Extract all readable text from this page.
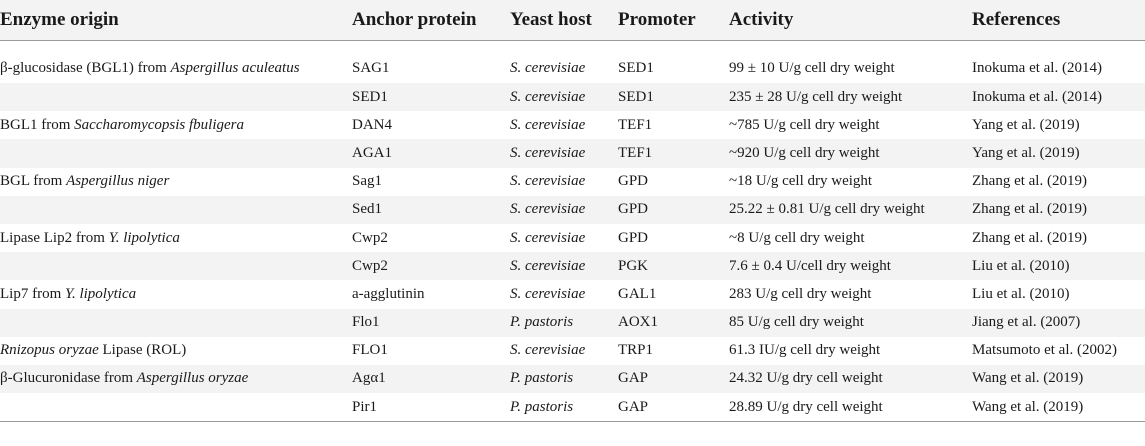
Enzyme origin	Anchor protein	Yeast host	Promoter	Activity	References
β-glucosidase (BGL1) from Aspergillus aculeatus	SAG1	S. cerevisiae	SED1	99 ± 10 U/g cell dry weight	Inokuma et al. (2014)
	SED1	S. cerevisiae	SED1	235 ± 28 U/g cell dry weight	Inokuma et al. (2014)
BGL1 from Saccharomycopsis fbuligera	DAN4	S. cerevisiae	TEF1	~785 U/g cell dry weight	Yang et al. (2019)
	AGA1	S. cerevisiae	TEF1	~920 U/g cell dry weight	Yang et al. (2019)
BGL from Aspergillus niger	Sag1	S. cerevisiae	GPD	~18 U/g cell dry weight	Zhang et al. (2019)
	Sed1	S. cerevisiae	GPD	25.22 ± 0.81 U/g cell dry weight	Zhang et al. (2019)
Lipase Lip2 from Y. lipolytica	Cwp2	S. cerevisiae	GPD	~8 U/g cell dry weight	Zhang et al. (2019)
	Cwp2	S. cerevisiae	PGK	7.6 ± 0.4 U/cell dry weight	Liu et al. (2010)
Lip7 from Y. lipolytica	a-agglutinin	S. cerevisiae	GAL1	283 U/g cell dry weight	Liu et al. (2010)
	Flo1	P. pastoris	AOX1	85 U/g cell dry weight	Jiang et al. (2007)
Rnizopus oryzae Lipase (ROL)	FLO1	S. cerevisiae	TRP1	61.3 IU/g cell dry weight	Matsumoto et al. (2002)
β-Glucuronidase from Aspergillus oryzae	Agα1	P. pastoris	GAP	24.32 U/g dry cell weight	Wang et al. (2019)
	Pir1	P. pastoris	GAP	28.89 U/g dry cell weight	Wang et al. (2019)
